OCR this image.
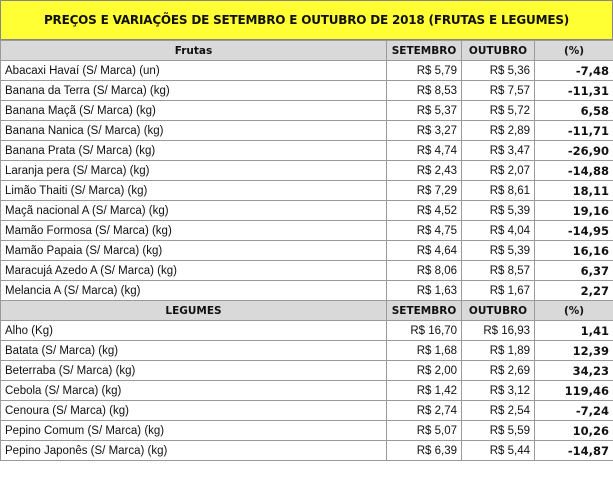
PREÇOS E VARIAÇÕES DE SETEMBRO E OUTUBRO DE 2018 (FRUTAS E LEGUMES)
Frutas	SETEMBRO	OUTUBRO	(%)
Abacaxi Havaí (S/ Marca) (un)	R$ 5,79	R$ 5,36	-7,48
Banana da Terra (S/ Marca) (kg)	R$ 8,53	R$ 7,57	-11,31
Banana Maçã (S/ Marca) (kg)	R$ 5,37	R$ 5,72	6,58
Banana Nanica (S/ Marca) (kg)	R$ 3,27	R$ 2,89	-11,71
Banana Prata (S/ Marca) (kg)	R$ 4,74	R$ 3,47	-26,90
Laranja pera (S/ Marca) (kg)	R$ 2,43	R$ 2,07	-14,88
Limão Thaiti (S/ Marca) (kg)	R$ 7,29	R$ 8,61	18,11
Maçã nacional A (S/ Marca) (kg)	R$ 4,52	R$ 5,39	19,16
Mamão Formosa (S/ Marca) (kg)	R$ 4,75	R$ 4,04	-14,95
Mamão Papaia (S/ Marca) (kg)	R$ 4,64	R$ 5,39	16,16
Maracujá Azedo A (S/ Marca) (kg)	R$ 8,06	R$ 8,57	6,37
Melancia A (S/ Marca) (kg)	R$ 1,63	R$ 1,67	2,27
LEGUMES	SETEMBRO	OUTUBRO	(%)
Alho (Kg)	R$ 16,70	R$ 16,93	1,41
Batata (S/ Marca) (kg)	R$ 1,68	R$ 1,89	12,39
Beterraba (S/ Marca) (kg)	R$ 2,00	R$ 2,69	34,23
Cebola (S/ Marca) (kg)	R$ 1,42	R$ 3,12	119,46
Cenoura (S/ Marca) (kg)	R$ 2,74	R$ 2,54	-7,24
Pepino Comum (S/ Marca) (kg)	R$ 5,07	R$ 5,59	10,26
Pepino Japonês (S/ Marca) (kg)	R$ 6,39	R$ 5,44	-14,87
